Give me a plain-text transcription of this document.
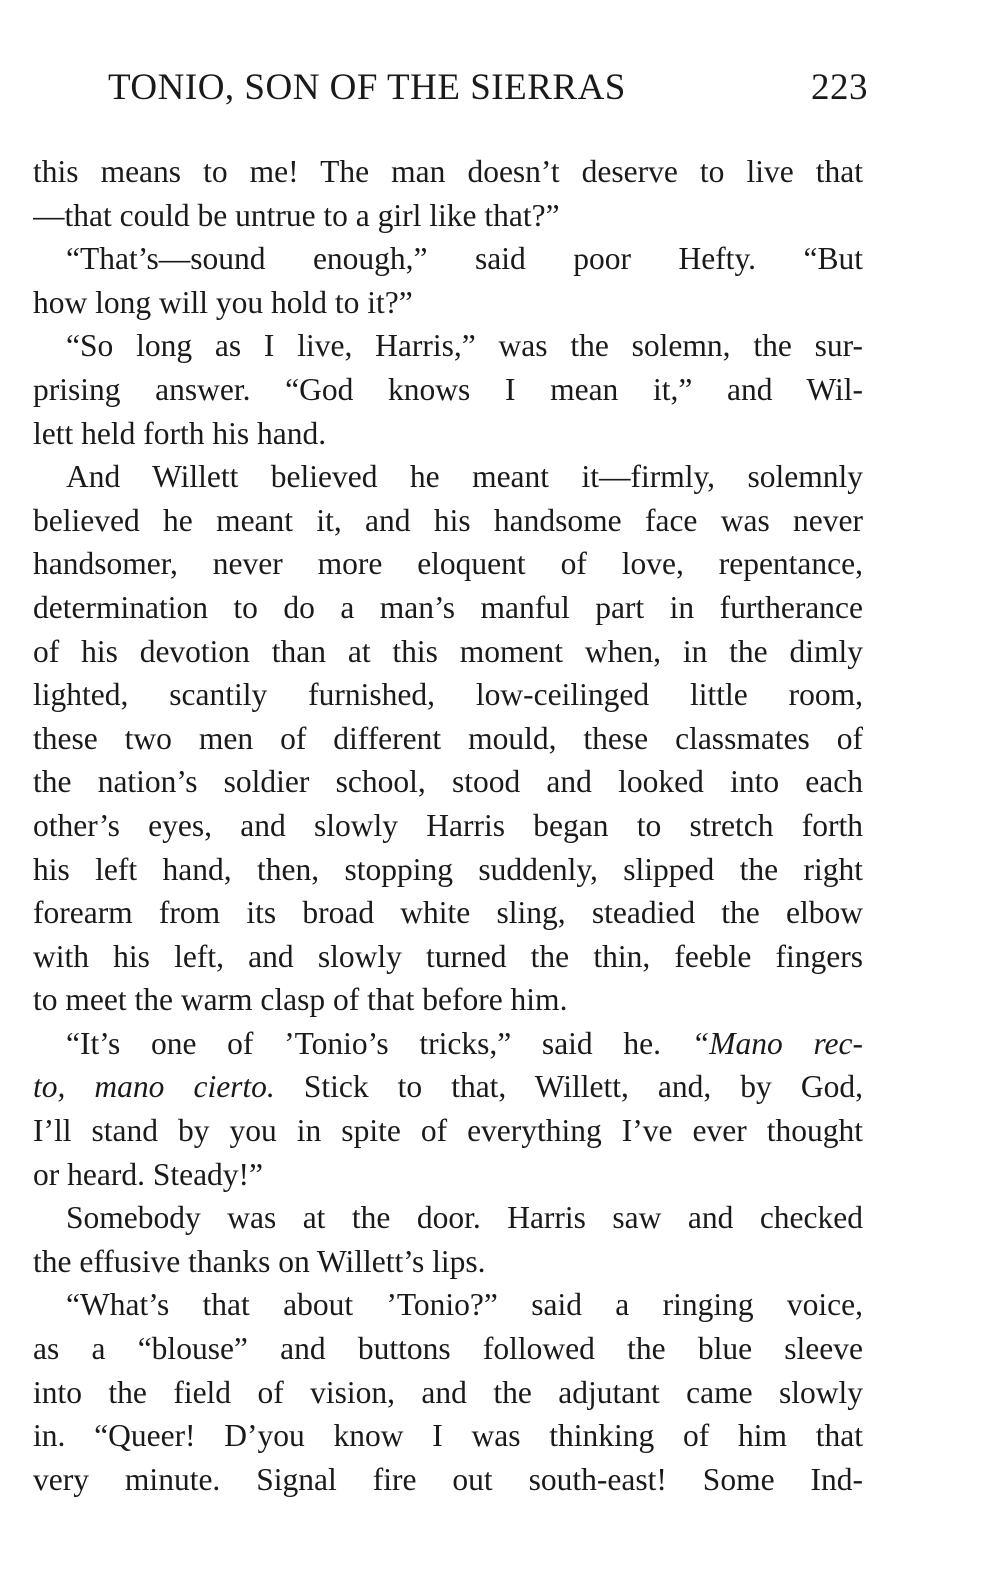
TONIO, SON OF THE SIERRAS	223
this means to me! The man doesn’t deserve to live that
—that could be untrue to a girl like that?”
“That’s—sound enough,” said poor Hefty. “But
how long will you hold to it?”
“So long as I live, Harris,” was the solemn, the sur-
prising answer. “God knows I mean it,” and Wil-
lett held forth his hand.
And Willett believed he meant it—firmly, solemnly
believed he meant it, and his handsome face was never
handsomer, never more eloquent of love, repentance,
determination to do a man’s manful part in furtherance
of his devotion than at this moment when, in the dimly
lighted, scantily furnished, low-ceilinged little room,
these two men of different mould, these classmates of
the nation’s soldier school, stood and looked into each
other’s eyes, and slowly Harris began to stretch forth
his left hand, then, stopping suddenly, slipped the right
forearm from its broad white sling, steadied the elbow
with his left, and slowly turned the thin, feeble fingers
to meet the warm clasp of that before him.
“It’s one of ’Tonio’s tricks,” said he. “Mano rec-
to, mano cierto. Stick to that, Willett, and, by God,
I’ll stand by you in spite of everything I’ve ever thought
or heard. Steady!”
Somebody was at the door. Harris saw and checked
the effusive thanks on Willett’s lips.
“What’s that about ’Tonio?” said a ringing voice,
as a “blouse” and buttons followed the blue sleeve
into the field of vision, and the adjutant came slowly
in. “Queer! D’you know I was thinking of him that
very minute. Signal fire out south-east! Some Ind-
